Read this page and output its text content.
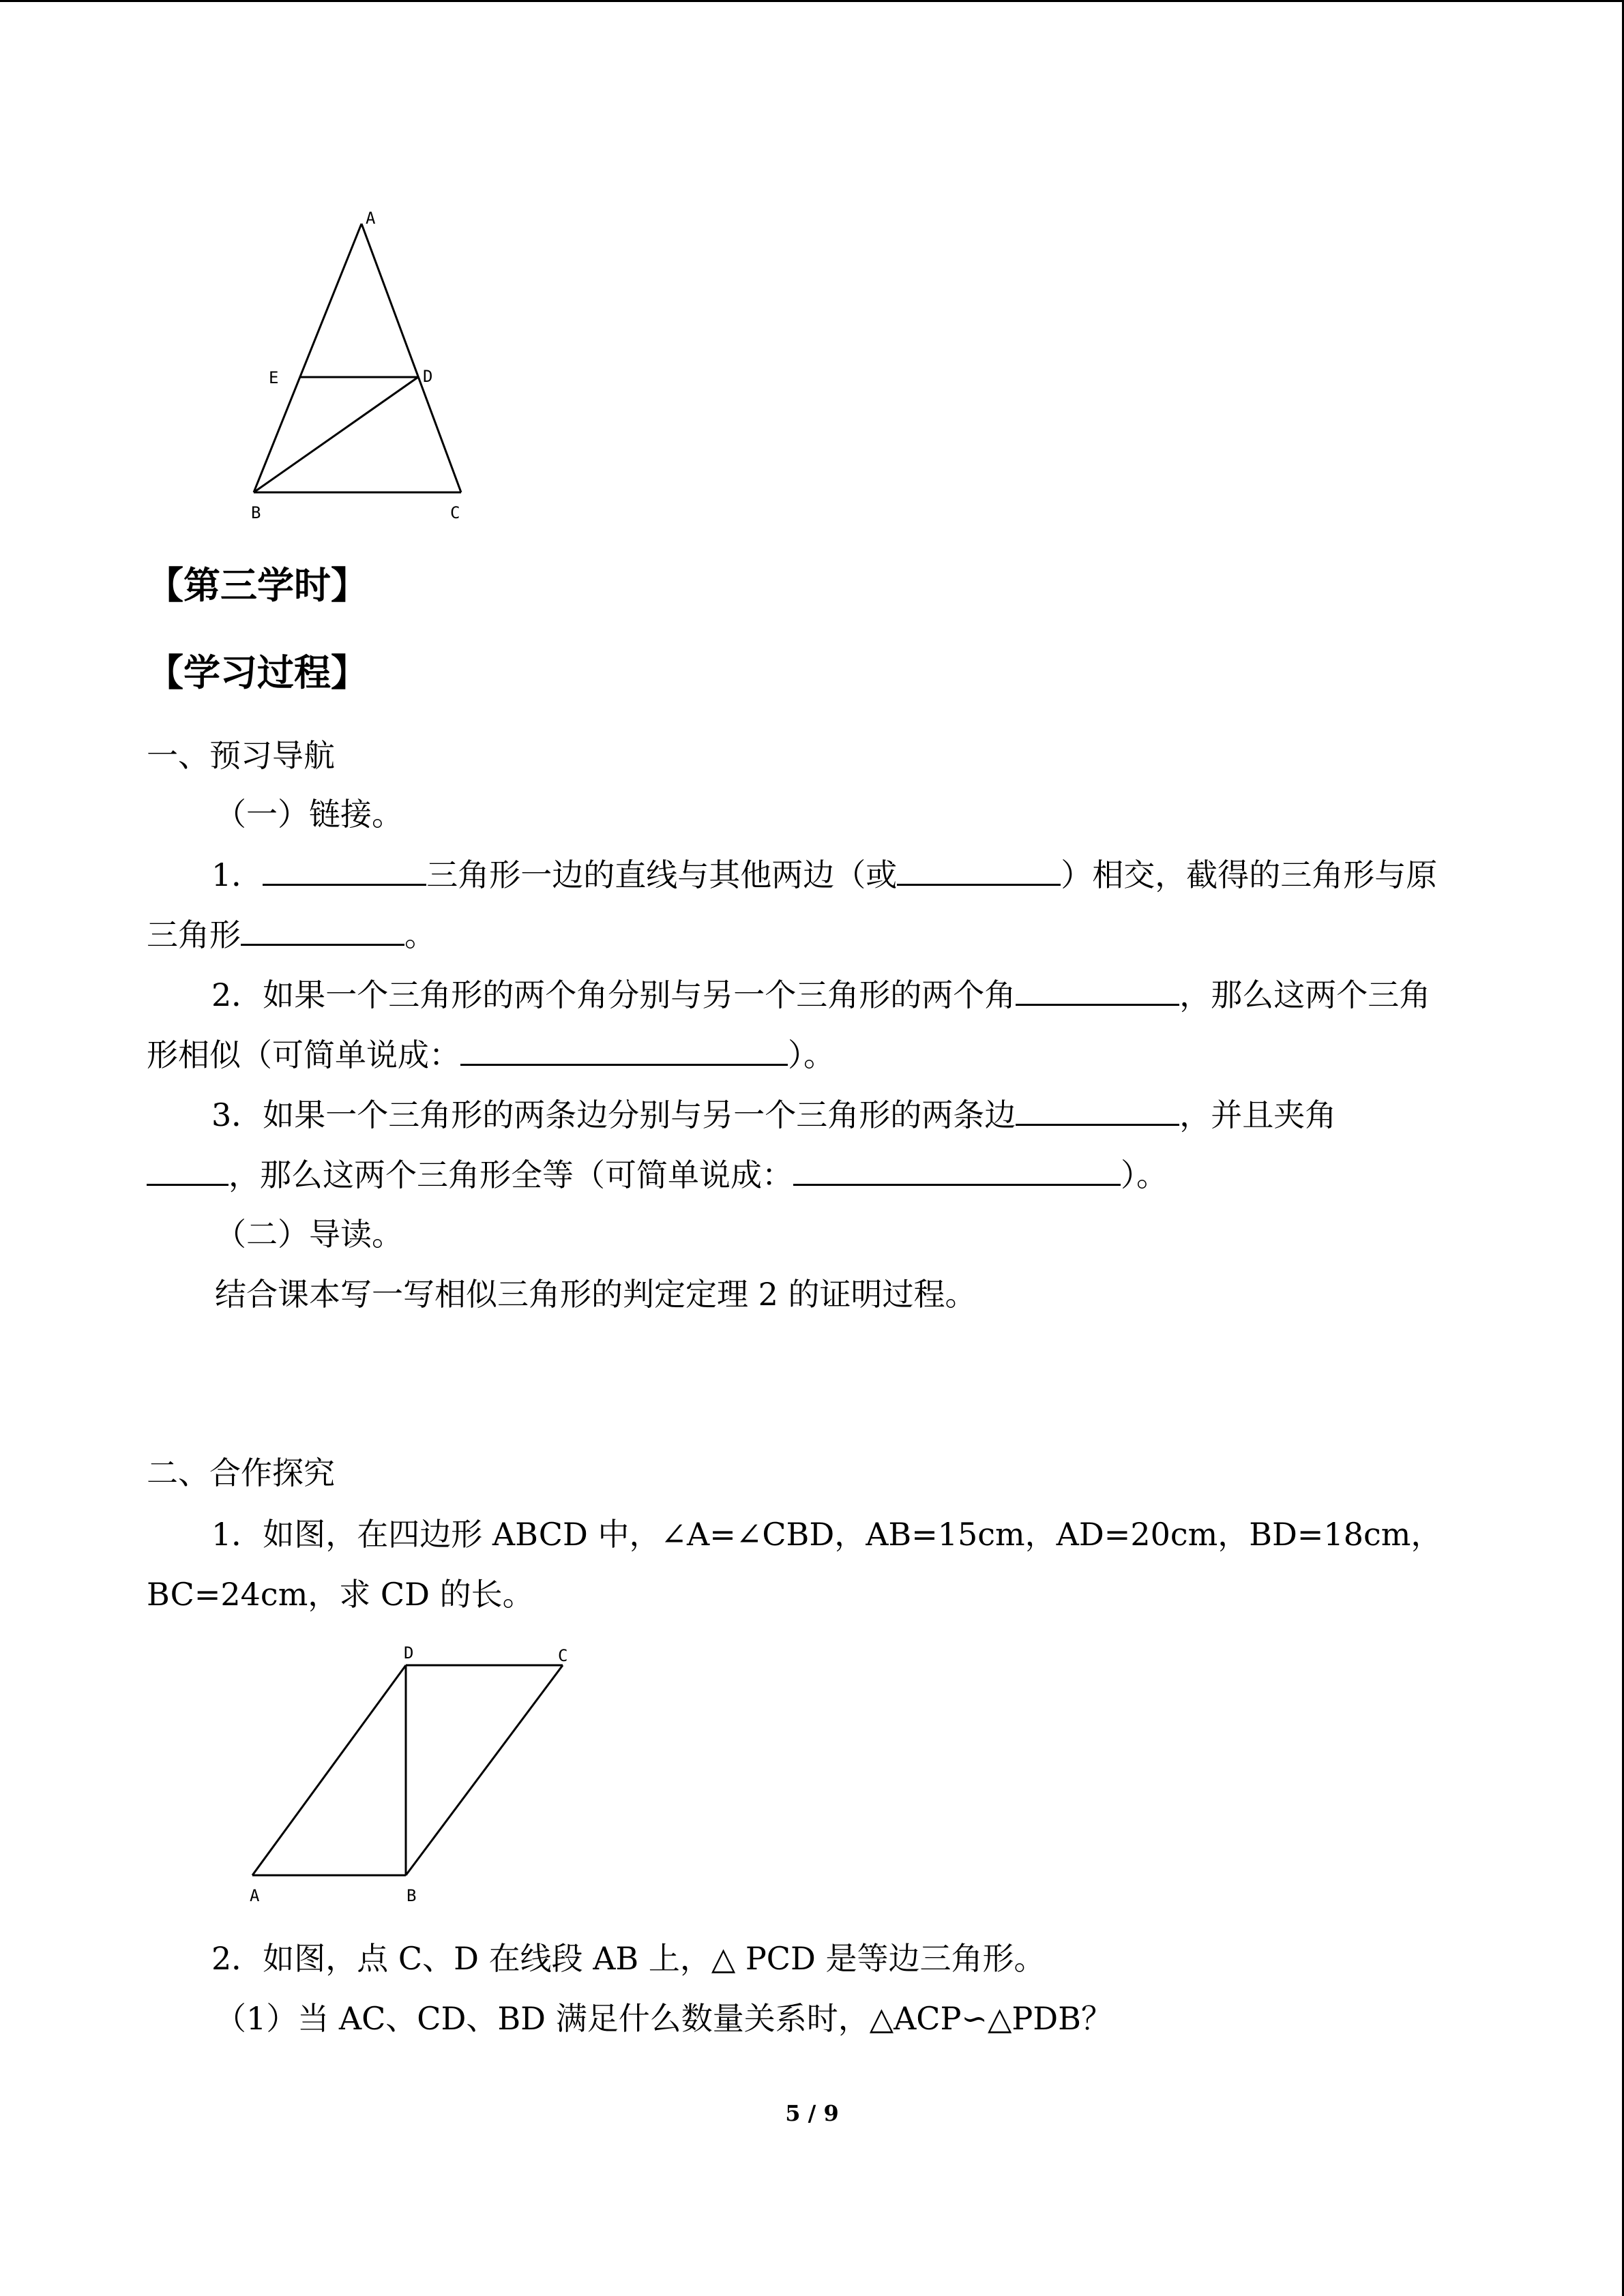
A
E	D
B	C
【第三学时】
【学习过程】
一、预习导航
（一）链接。
1．	三角形一边的直线与其他两边（或	）相交，截得的三角形与原
三角形	。
2．如果一个三角形的两个角分别与另一个三角形的两个角	，那么这两个三角
形相似（可简单说成：	）。
3．如果一个三角形的两条边分别与另一个三角形的两条边	，并且夹角
，那么这两个三角形全等（可简单说成：	）。
（二）导读。
结合课本写一写相似三角形的判定定理 2 的证明过程。
二、合作探究
1．如图，在四边形 ABCD 中，∠A=∠CBD，AB=15cm，AD=20cm，BD=18cm，
BC=24cm，求 CD 的长。
D	C
A	B
2．如图，点 C、D 在线段 AB 上，△ PCD 是等边三角形。
（1）当 AC、CD、BD 满足什么数量关系时，△ACP∽△PDB？
5 / 9
